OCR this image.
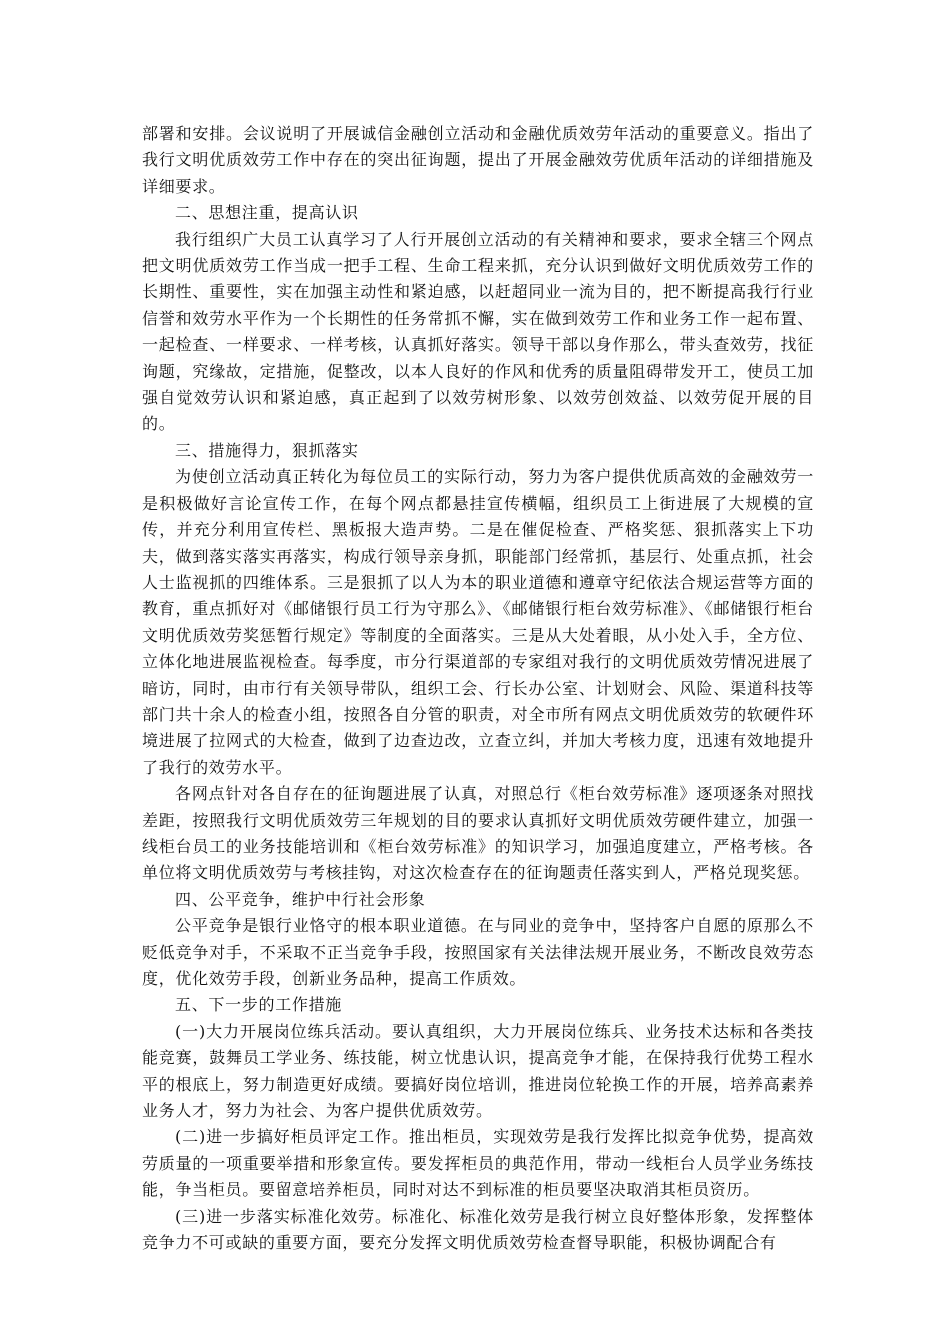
部署和安排。会议说明了开展诚信金融创立活动和金融优质效劳年活动的重要意义。指出了我行文明优质效劳工作中存在的突出征询题，提出了开展金融效劳优质年活动的详细措施及详细要求。

二、思想注重，提高认识

我行组织广大员工认真学习了人行开展创立活动的有关精神和要求，要求全辖三个网点把文明优质效劳工作当成一把手工程、生命工程来抓，充分认识到做好文明优质效劳工作的长期性、重要性，实在加强主动性和紧迫感，以赶超同业一流为目的，把不断提高我行行业信誉和效劳水平作为一个长期性的任务常抓不懈，实在做到效劳工作和业务工作一起布置、一起检查、一样要求、一样考核，认真抓好落实。领导干部以身作那么，带头查效劳，找征询题，究缘故，定措施，促整改，以本人良好的作风和优秀的质量阻碍带发开工，使员工加强自觉效劳认识和紧迫感，真正起到了以效劳树形象、以效劳创效益、以效劳促开展的目的。

三、措施得力，狠抓落实

为使创立活动真正转化为每位员工的实际行动，努力为客户提供优质高效的金融效劳一是积极做好言论宣传工作，在每个网点都悬挂宣传横幅，组织员工上街进展了大规模的宣传，并充分利用宣传栏、黑板报大造声势。二是在催促检查、严格奖惩、狠抓落实上下功夫，做到落实落实再落实，构成行领导亲身抓，职能部门经常抓，基层行、处重点抓，社会人士监视抓的四维体系。三是狠抓了以人为本的职业道德和遵章守纪依法合规运营等方面的教育，重点抓好对《邮储银行员工行为守那么》、《邮储银行柜台效劳标准》、《邮储银行柜台文明优质效劳奖惩暂行规定》等制度的全面落实。三是从大处着眼，从小处入手，全方位、立体化地进展监视检查。每季度，市分行渠道部的专家组对我行的文明优质效劳情况进展了暗访，同时，由市行有关领导带队，组织工会、行长办公室、计划财会、风险、渠道科技等部门共十余人的检查小组，按照各自分管的职责，对全市所有网点文明优质效劳的软硬件环境进展了拉网式的大检查，做到了边查边改，立查立纠，并加大考核力度，迅速有效地提升了我行的效劳水平。

各网点针对各自存在的征询题进展了认真，对照总行《柜台效劳标准》逐项逐条对照找差距，按照我行文明优质效劳三年规划的目的要求认真抓好文明优质效劳硬件建立，加强一线柜台员工的业务技能培训和《柜台效劳标准》的知识学习，加强追度建立，严格考核。各单位将文明优质效劳与考核挂钩，对这次检查存在的征询题责任落实到人，严格兑现奖惩。

四、公平竞争，维护中行社会形象

公平竞争是银行业恪守的根本职业道德。在与同业的竞争中，坚持客户自愿的原那么不贬低竞争对手，不采取不正当竞争手段，按照国家有关法律法规开展业务，不断改良效劳态度，优化效劳手段，创新业务品种，提高工作质效。

五、下一步的工作措施

(一)大力开展岗位练兵活动。要认真组织，大力开展岗位练兵、业务技术达标和各类技能竞赛，鼓舞员工学业务、练技能，树立忧患认识，提高竞争才能，在保持我行优势工程水平的根底上，努力制造更好成绩。要搞好岗位培训，推进岗位轮换工作的开展，培养高素养业务人才，努力为社会、为客户提供优质效劳。

(二)进一步搞好柜员评定工作。推出柜员，实现效劳是我行发挥比拟竞争优势，提高效劳质量的一项重要举措和形象宣传。要发挥柜员的典范作用，带动一线柜台人员学业务练技能，争当柜员。要留意培养柜员，同时对达不到标准的柜员要坚决取消其柜员资历。

(三)进一步落实标准化效劳。标准化、标准化效劳是我行树立良好整体形象，发挥整体竞争力不可或缺的重要方面，要充分发挥文明优质效劳检查督导职能，积极协调配合有
